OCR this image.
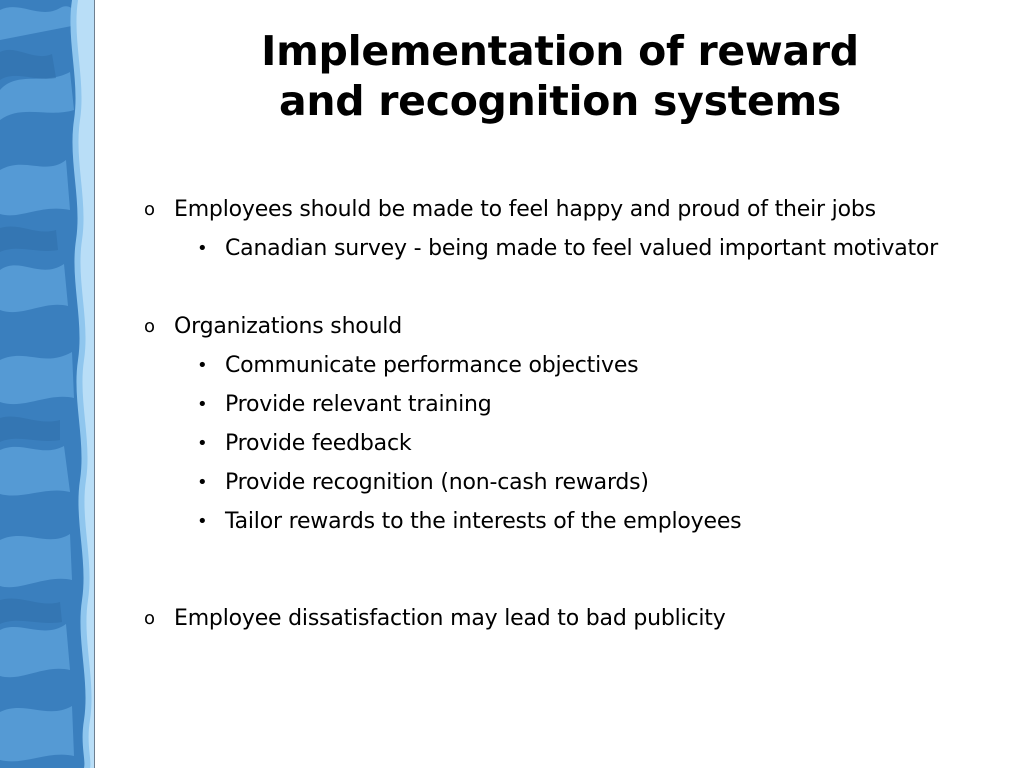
Implementation of reward
and recognition systems
o Employees should be made to feel happy and proud of their jobs
• Canadian survey - being made to feel valued important motivator
o Organizations should
• Communicate performance objectives
• Provide relevant training
• Provide feedback
• Provide recognition (non-cash rewards)
• Tailor rewards to the interests of the employees
o Employee dissatisfaction may lead to bad publicity
